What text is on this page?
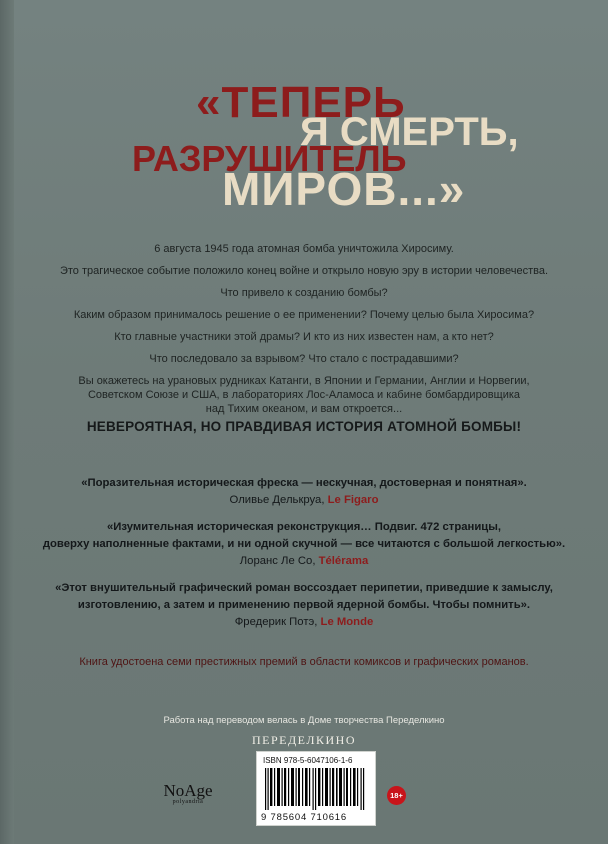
«ТЕПЕРЬ
РАЗРУШИТЕЛЬ
Я СМЕРТЬ,
МИРОВ...»
6 августа 1945 года атомная бомба уничтожила Хиросиму.
Это трагическое событие положило конец войне и открыло новую эру в истории человечества.
Что привело к созданию бомбы?
Каким образом принималось решение о ее применении? Почему целью была Хиросима?
Кто главные участники этой драмы? И кто из них известен нам, а кто нет?
Что последовало за взрывом? Что стало с пострадавшими?
Вы окажетесь на урановых рудниках Катанги, в Японии и Германии, Англии и Норвегии,
Советском Союзе и США, в лабораториях Лос-Аламоса и кабине бомбардировщика
над Тихим океаном, и вам откроется...
НЕВЕРОЯТНАЯ, НО ПРАВДИВАЯ ИСТОРИЯ АТОМНОЙ БОМБЫ!
«Поразительная историческая фреска — нескучная, достоверная и понятная».
Оливье Делькруа, Le Figaro
«Изумительная историческая реконструкция… Подвиг. 472 страницы,
доверху наполненные фактами, и ни одной скучной — все читаются с большой легкостью».
Лоранс Ле Со, Télérama
«Этот внушительный графический роман воссоздает перипетии, приведшие к замыслу,
изготовлению, а затем и применению первой ядерной бомбы. Чтобы помнить».
Фредерик Потэ, Le Monde
Книга удостоена семи престижных премий в области комиксов и графических романов.
Работа над переводом велась в Доме творчества Переделкино
ПЕРЕДЕЛКИНО
NoAge
polyandria
ISBN 978-5-6047106-1-6
9 785604 710616
18+
